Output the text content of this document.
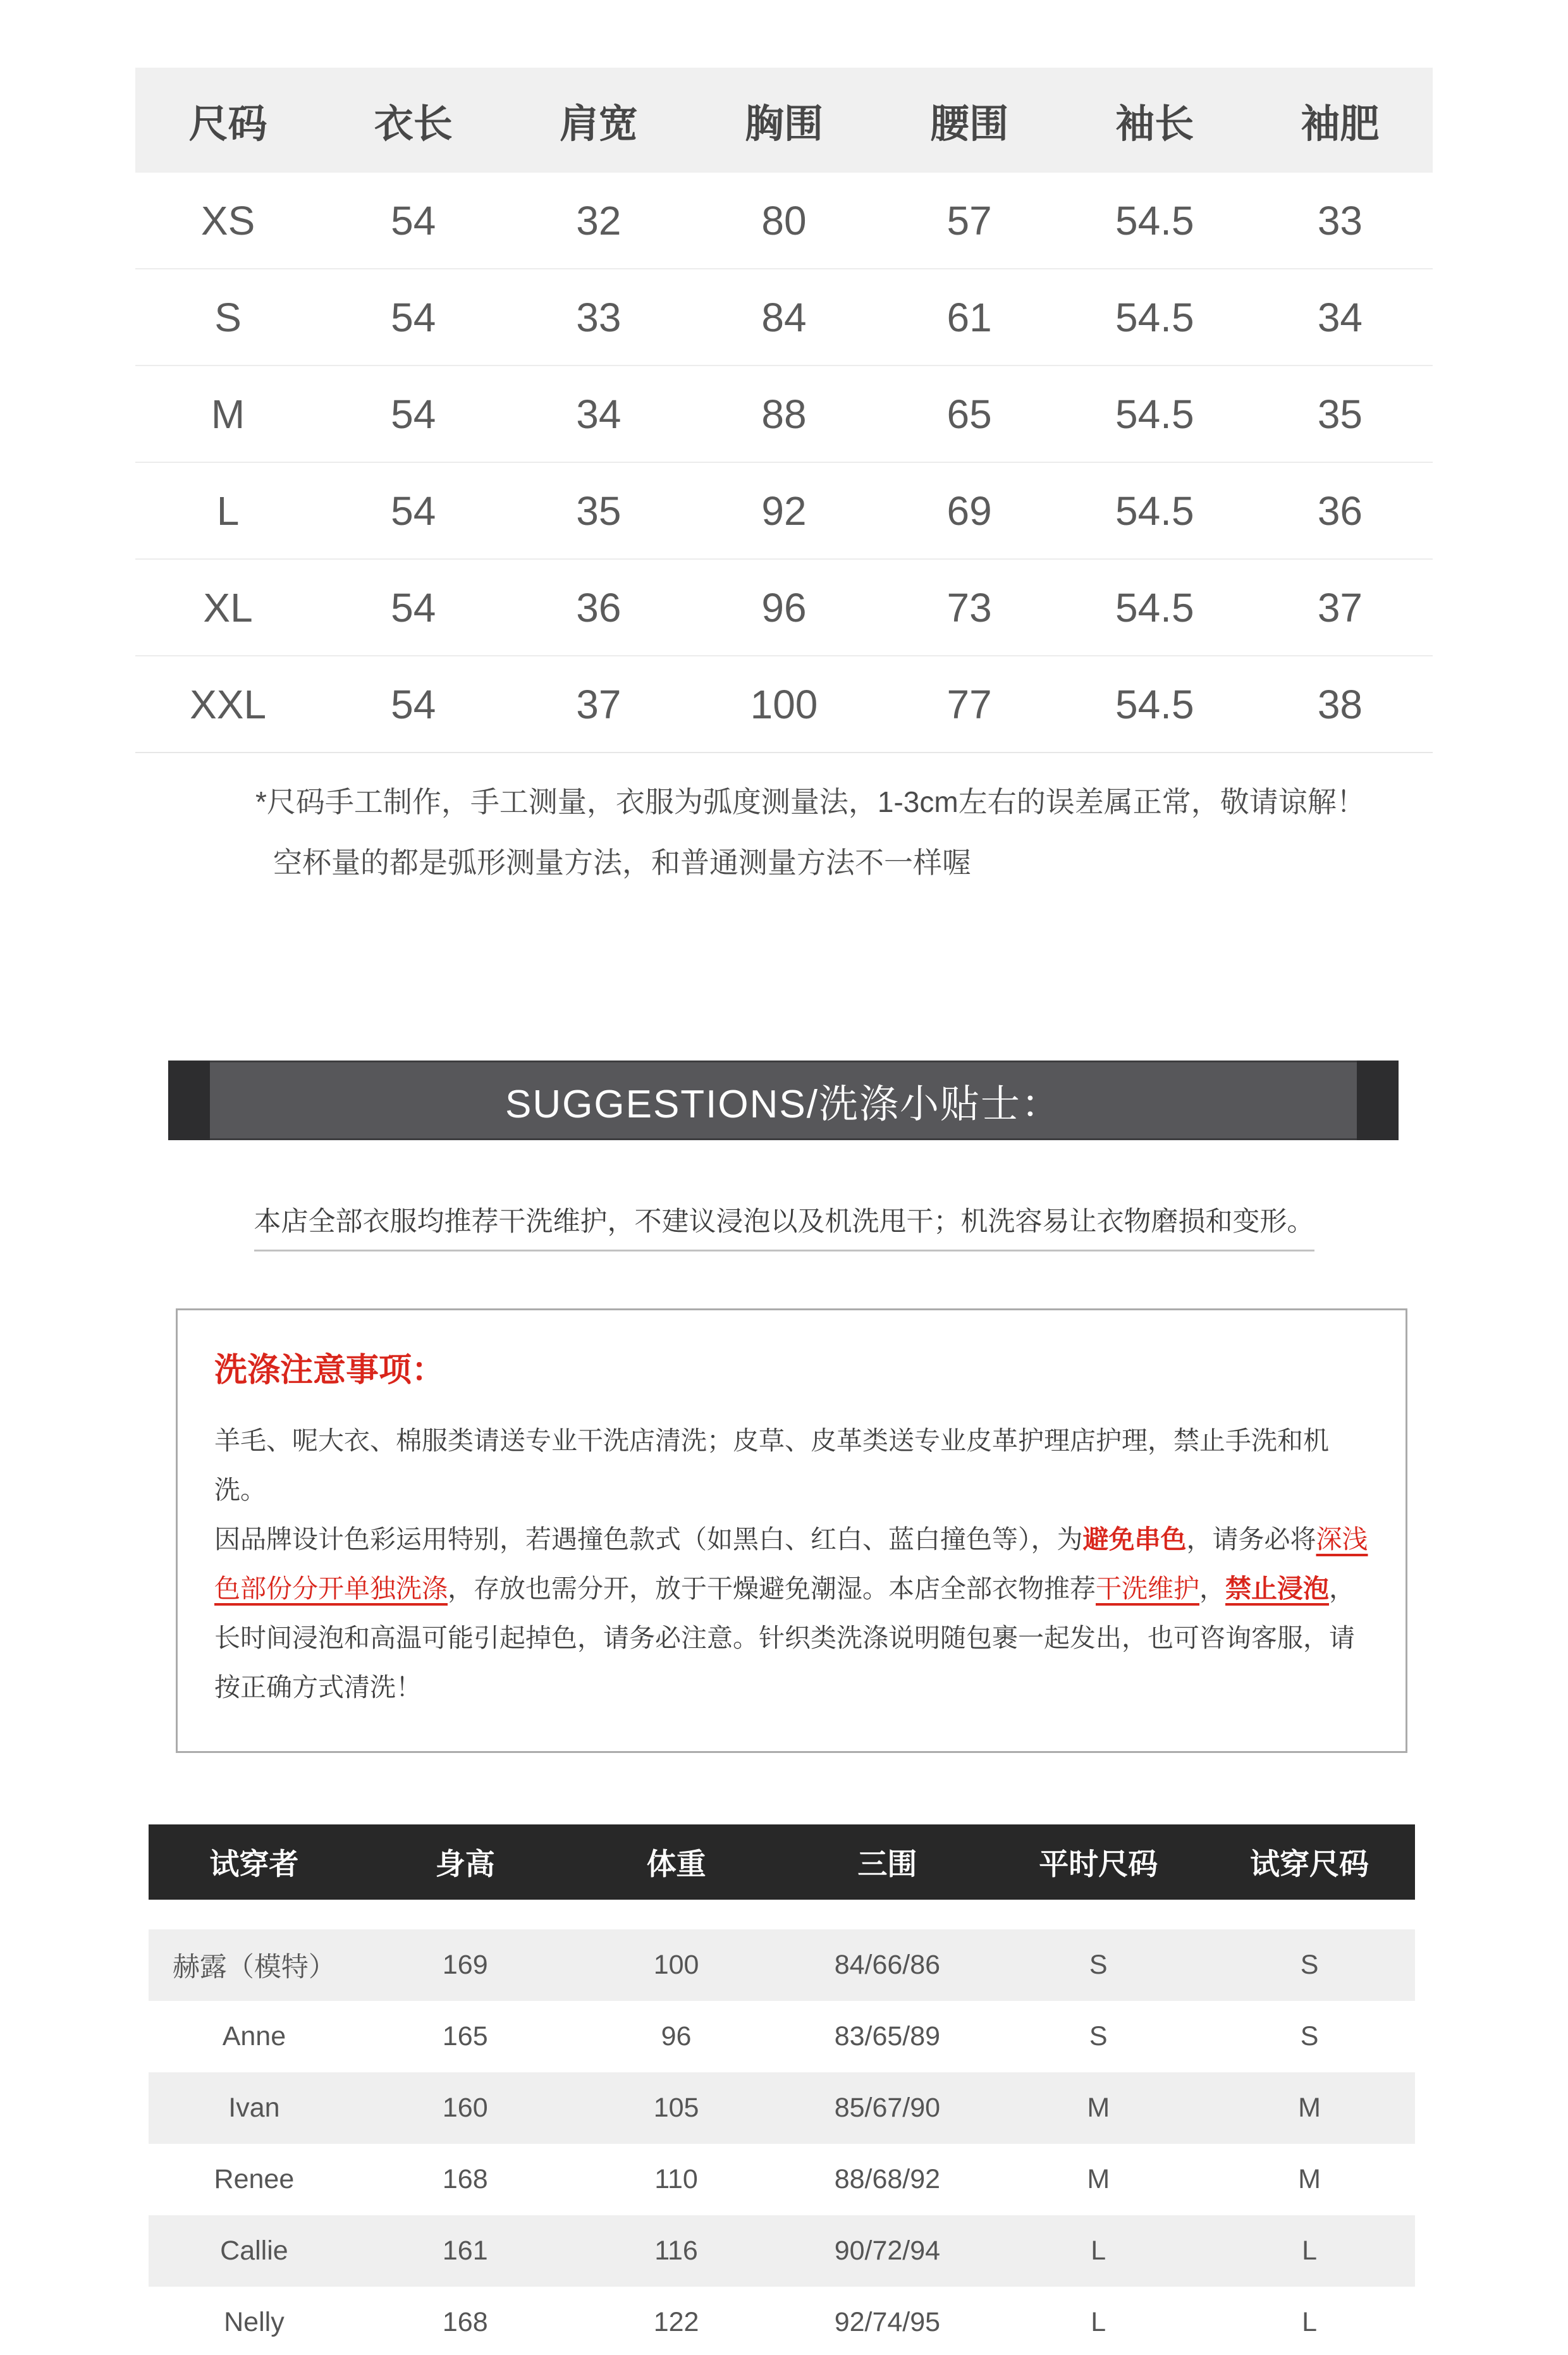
尺码	衣长	肩宽	胸围	腰围	袖长	袖肥
XS	54	32	80	57	54.5	33
S	54	33	84	61	54.5	34
M	54	34	88	65	54.5	35
L	54	35	92	69	54.5	36
XL	54	36	96	73	54.5	37
XXL	54	37	100	77	54.5	38

*尺码手工制作，手工测量，衣服为弧度测量法，1-3cm左右的误差属正常，敬请谅解！

空杯量的都是弧形测量方法，和普通测量方法不一样喔

SUGGESTIONS/洗涤小贴士：

本店全部衣服均推荐干洗维护，不建议浸泡以及机洗甩干；机洗容易让衣物磨损和变形。

洗涤注意事项：

羊毛、呢大衣、棉服类请送专业干洗店清洗；皮草、皮革类送专业皮革护理店护理，禁止手洗和机洗。
因品牌设计色彩运用特别，若遇撞色款式（如黑白、红白、蓝白撞色等），为避免串色，请务必将深浅色部份分开单独洗涤，存放也需分开，放于干燥避免潮湿。本店全部衣物推荐干洗维护，禁止浸泡，长时间浸泡和高温可能引起掉色，请务必注意。针织类洗涤说明随包裹一起发出，也可咨询客服，请按正确方式清洗！

试穿者	身高	体重	三围	平时尺码	试穿尺码
赫露（模特）	169	100	84/66/86	S	S
Anne	165	96	83/65/89	S	S
Ivan	160	105	85/67/90	M	M
Renee	168	110	88/68/92	M	M
Callie	161	116	90/72/94	L	L
Nelly	168	122	92/74/95	L	L
